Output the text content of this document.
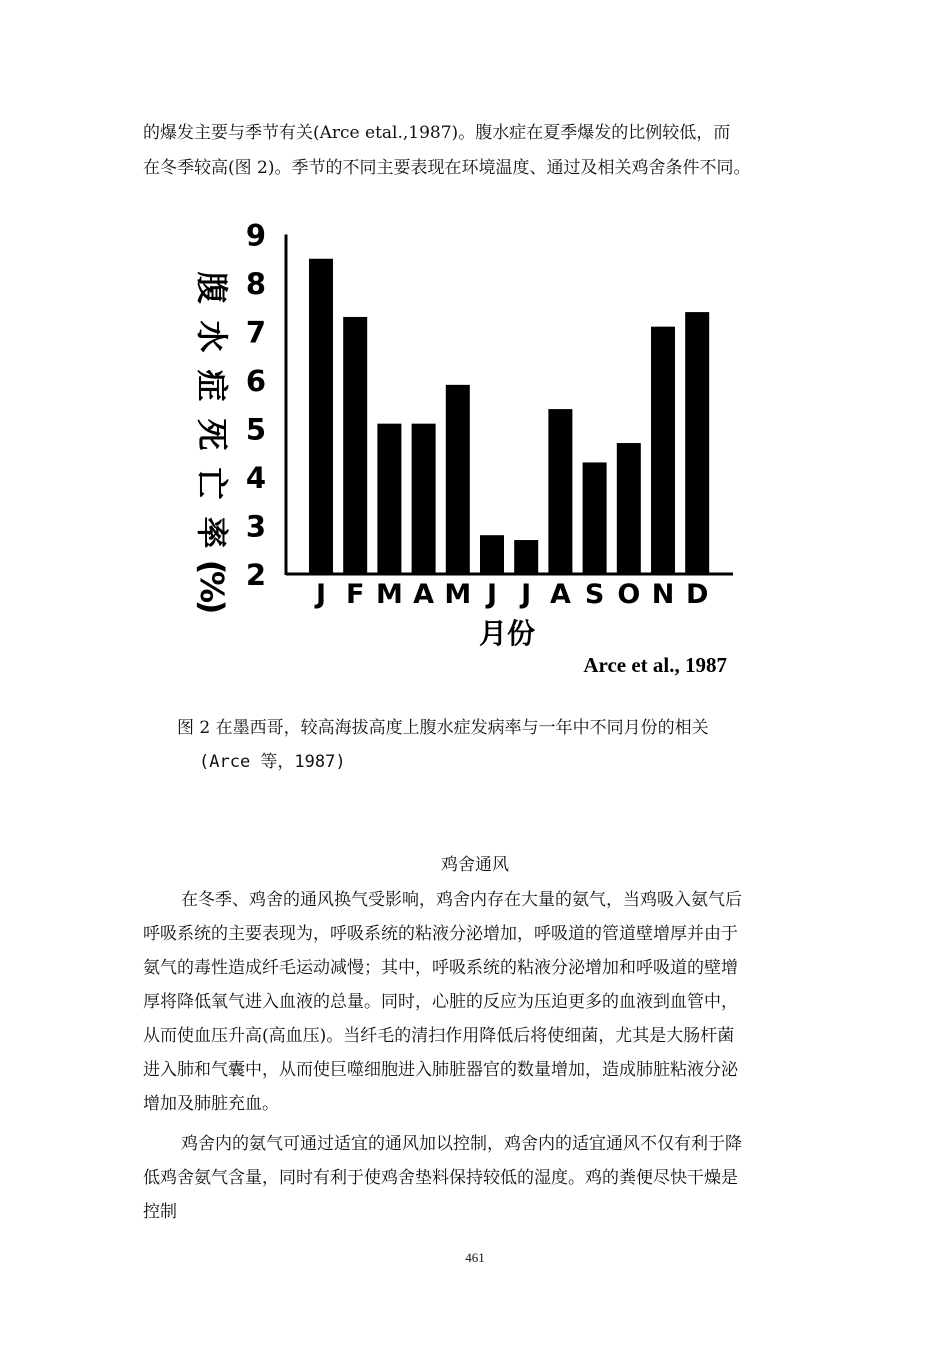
的爆发主要与季节有关(Arce etal.,1987)。腹水症在夏季爆发的比例较低，而
在冬季较高(图 2)。季节的不同主要表现在环境温度、通过及相关鸡舍条件不同。
腹
水
症
死
亡
率
(
%
)
9
8
7
6
5
4
3
2
J F M A M J J A S O N D
月份
Arce et al., 1987
图 2 在墨西哥，较高海拔高度上腹水症发病率与一年中不同月份的相关
(Arce 等，1987)
鸡舍通风
在冬季、鸡舍的通风换气受影响，鸡舍内存在大量的氨气，当鸡吸入氨气后
呼吸系统的主要表现为，呼吸系统的粘液分泌增加，呼吸道的管道壁增厚并由于
氨气的毒性造成纤毛运动减慢；其中，呼吸系统的粘液分泌增加和呼吸道的壁增
厚将降低氧气进入血液的总量。同时，心脏的反应为压迫更多的血液到血管中，
从而使血压升高(高血压)。当纤毛的清扫作用降低后将使细菌，尤其是大肠杆菌
进入肺和气囊中，从而使巨噬细胞进入肺脏器官的数量增加，造成肺脏粘液分泌
增加及肺脏充血。
鸡舍内的氨气可通过适宜的通风加以控制，鸡舍内的适宜通风不仅有利于降
低鸡舍氨气含量，同时有利于使鸡舍垫料保持较低的湿度。鸡的粪便尽快干燥是
控制
461
